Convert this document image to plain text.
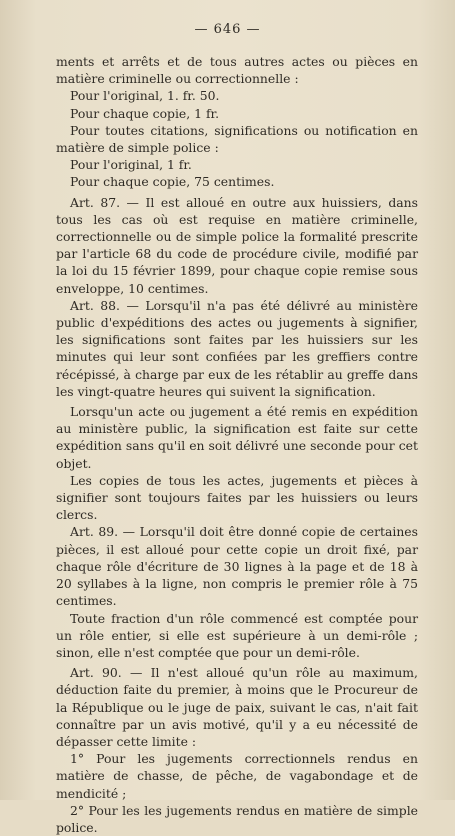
— 646 —

ments et arrêts et de tous autres actes ou pièces en matière criminelle ou correctionnelle :

Pour l'original, 1. fr. 50.

Pour chaque copie, 1 fr.

Pour toutes citations, significations ou notification en matière de simple police :

Pour l'original, 1 fr.

Pour chaque copie, 75 centimes.

Art. 87. — Il est alloué en outre aux huissiers, dans tous les cas où est requise en matière criminelle, correctionnelle ou de simple police la formalité prescrite par l'article 68 du code de procédure civile, modifié par la loi du 15 février 1899, pour chaque copie remise sous enveloppe, 10 centimes.

Art. 88. — Lorsqu'il n'a pas été délivré au ministère public d'expéditions des actes ou jugements à signifier, les significations sont faites par les huissiers sur les minutes qui leur sont confiées par les greffiers contre récépissé, à charge par eux de les rétablir au greffe dans les vingt-quatre heures qui suivent la signification.

Lorsqu'un acte ou jugement a été remis en expédition au ministère public, la signification est faite sur cette expédition sans qu'il en soit délivré une seconde pour cet objet.

Les copies de tous les actes, jugements et pièces à signifier sont toujours faites par les huissiers ou leurs clercs.

Art. 89. — Lorsqu'il doit être donné copie de certaines pièces, il est alloué pour cette copie un droit fixé, par chaque rôle d'écriture de 30 lignes à la page et de 18 à 20 syllabes à la ligne, non compris le premier rôle à 75 centimes.

Toute fraction d'un rôle commencé est comptée pour un rôle entier, si elle est supérieure à un demi-rôle ; sinon, elle n'est comptée que pour un demi-rôle.

Art. 90. — Il n'est alloué qu'un rôle au maximum, déduction faite du premier, à moins que le Procureur de la République ou le juge de paix, suivant le cas, n'ait fait connaître par un avis motivé, qu'il y a eu nécessité de dépasser cette limite :

1° Pour les jugements correctionnels rendus en matière de chasse, de pêche, de vagabondage et de mendicité ;

2° Pour les les jugements rendus en matière de simple police.
